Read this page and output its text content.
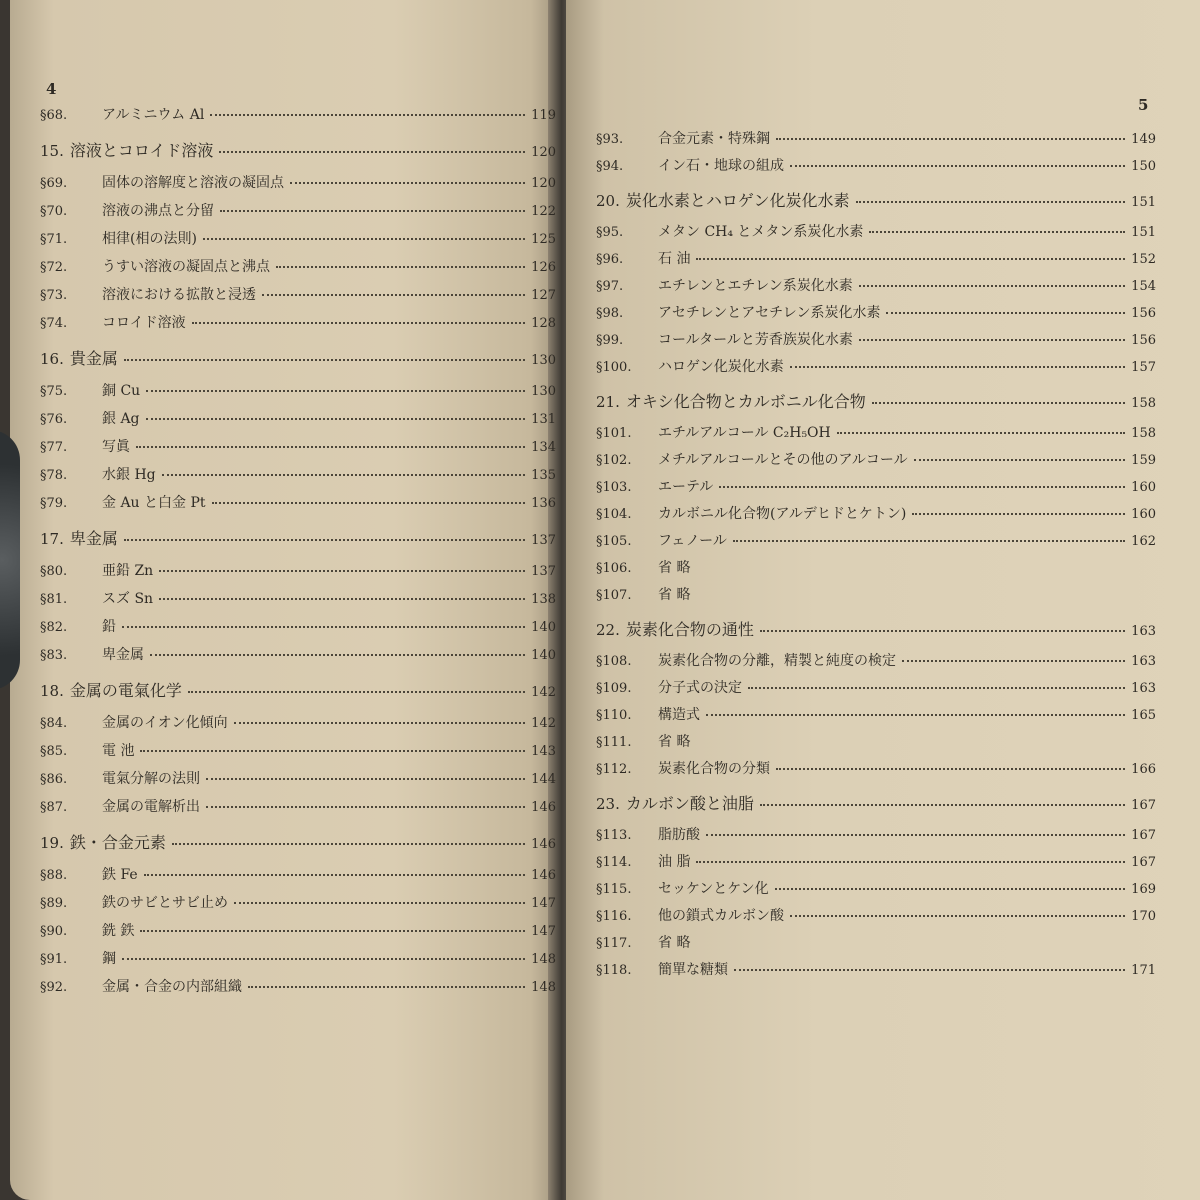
4
5
§68.	アルミニウム Al	119
15. 溶液とコロイド溶液	120
§69.	固体の溶解度と溶液の凝固点	120
§70.	溶液の沸点と分留	122
§71.	相律(相の法則)	125
§72.	うすい溶液の凝固点と沸点	126
§73.	溶液における拡散と浸透	127
§74.	コロイド溶液	128
16. 貴金属	130
§75.	銅 Cu	130
§76.	銀 Ag	131
§77.	写眞	134
§78.	水銀 Hg	135
§79.	金 Au と白金 Pt	136
17. 卑金属	137
§80.	亜鉛 Zn	137
§81.	スズ Sn	138
§82.	鉛	140
§83.	卑金属	140
18. 金属の電氣化学	142
§84.	金属のイオン化傾向	142
§85.	電 池	143
§86.	電氣分解の法則	144
§87.	金属の電解析出	146
19. 鉄・合金元素	146
§88.	鉄 Fe	146
§89.	鉄のサビとサビ止め	147
§90.	銑 鉄	147
§91.	鋼	148
§92.	金属・合金の内部組織	148
§93.	合金元素・特殊鋼	149
§94.	イン石・地球の組成	150
20. 炭化水素とハロゲン化炭化水素	151
§95.	メタン CH₄ とメタン系炭化水素	151
§96.	石 油	152
§97.	エチレンとエチレン系炭化水素	154
§98.	アセチレンとアセチレン系炭化水素	156
§99.	コールタールと芳香族炭化水素	156
§100.	ハロゲン化炭化水素	157
21. オキシ化合物とカルボニル化合物	158
§101.	エチルアルコール C₂H₅OH	158
§102.	メチルアルコールとその他のアルコール	159
§103.	エーテル	160
§104.	カルボニル化合物(アルデヒドとケトン)	160
§105.	フェノール	162
§106.	省 略
§107.	省 略
22. 炭素化合物の通性	163
§108.	炭素化合物の分離，精製と純度の検定	163
§109.	分子式の決定	163
§110.	構造式	165
§111.	省 略
§112.	炭素化合物の分類	166
23. カルボン酸と油脂	167
§113.	脂肪酸	167
§114.	油 脂	167
§115.	セッケンとケン化	169
§116.	他の鎖式カルボン酸	170
§117.	省 略
§118.	簡單な糖類	171
